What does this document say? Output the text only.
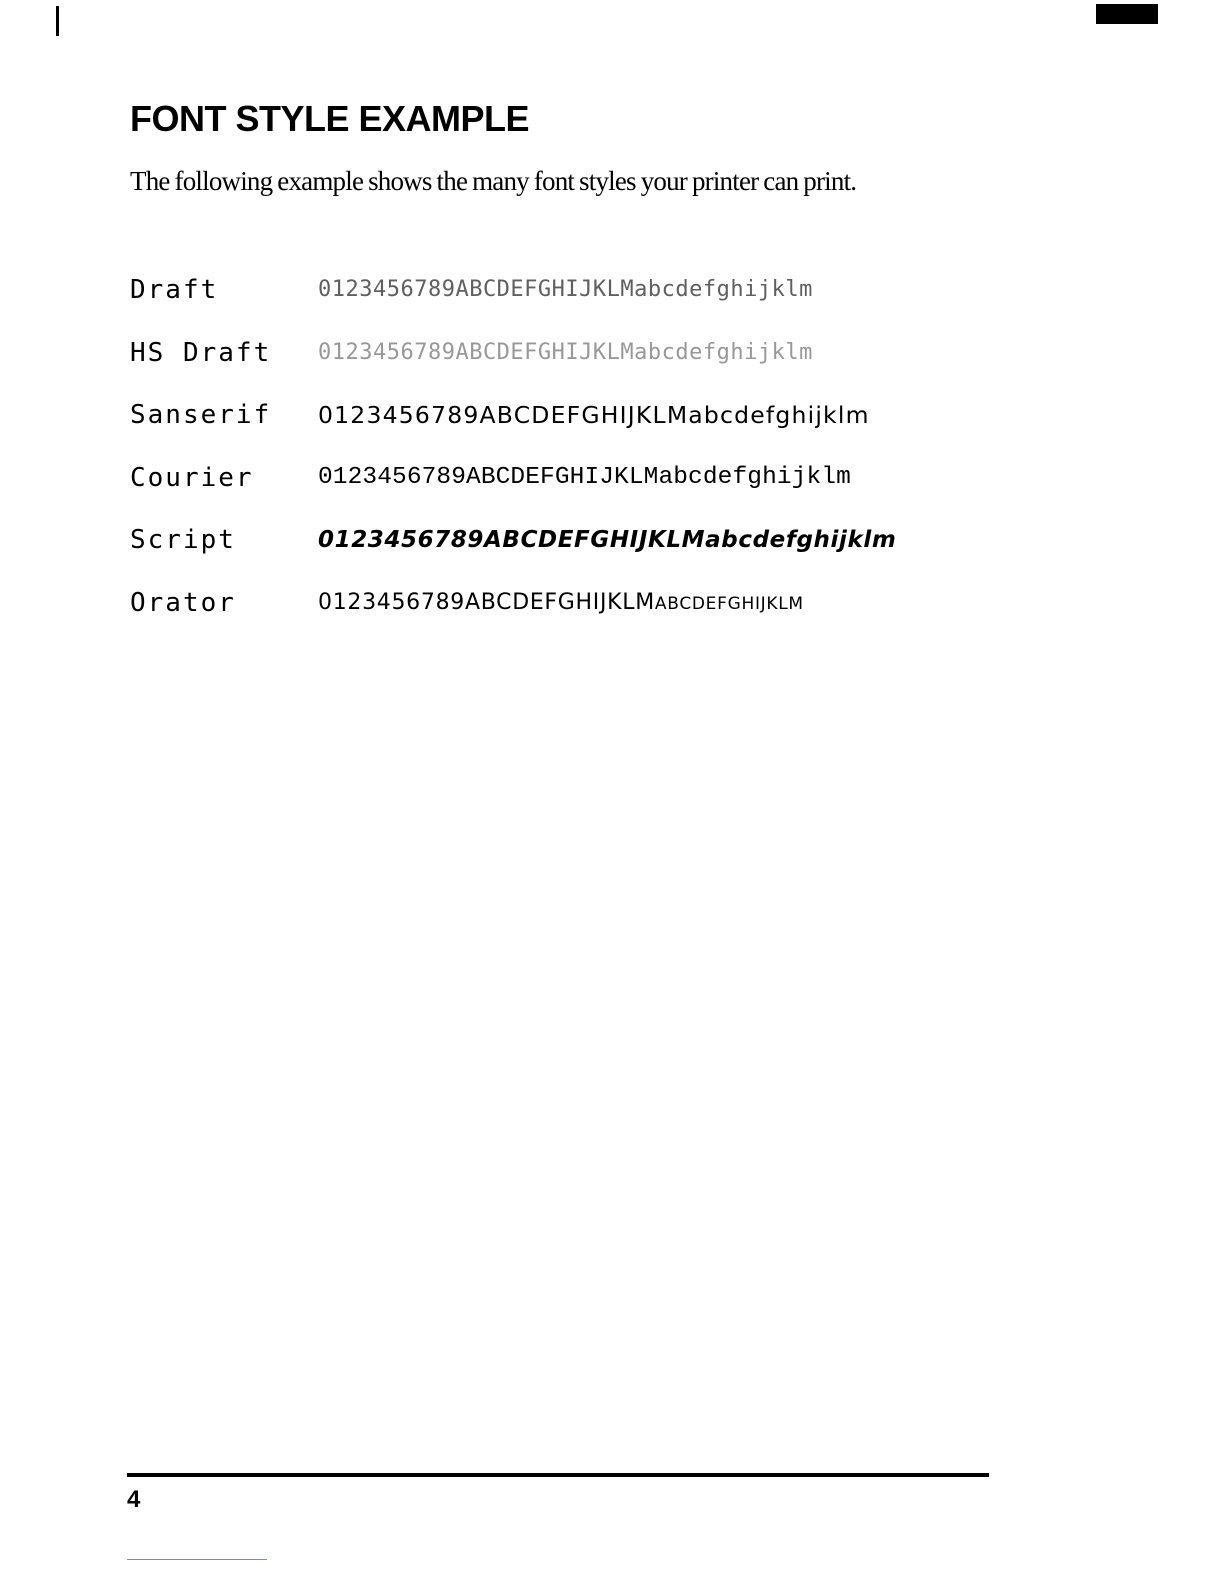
FONT STYLE EXAMPLE

The following example shows the many font styles your printer can print.

Draft	0123456789ABCDEFGHIJKLMabcdefghijklm
HS Draft 0123456789ABCDEFGHIJKLMabcdefghijklm
Sanserif 0123456789ABCDEFGHIJKLMabcdefghijklm
Courier	0123456789ABCDEFGHIJKLMabcdefghijklm
Script	0123456789ABCDEFGHIJKLMabcdefghijklm
Orator	0123456789ABCDEFGHIJKLMABCDEFGHIJKLM
4
